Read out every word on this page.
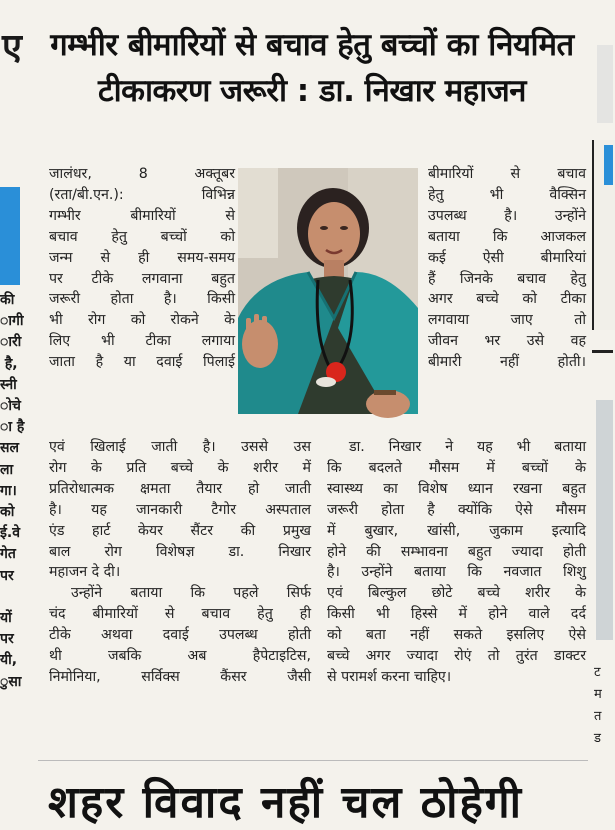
ए
की
ागी
ारी
है,
स्नी
ोचे
ा है
सल
ला
गा।
को
ई.वे
गेत
पर

यों
पर
यी,
ुसा
ट
म
त
ड
गम्भीर बीमारियों से बचाव हेतु बच्चों का नियमित
टीकाकरण जरूरी : डा. निखार महाजन
जालंधर, 8 अक्तूबर
(रता/बी.एन.): विभिन्न
गम्भीर बीमारियों से
बचाव हेतु बच्चों को
जन्म से ही समय-समय
पर टीके लगवाना बहुत
जरूरी होता है। किसी
भी रोग को रोकने के
लिए भी टीका लगाया
जाता है या दवाई पिलाई
बीमारियों से बचाव
हेतु भी वैक्सिन
उपलब्ध है। उन्होंने
बताया कि आजकल
कई ऐसी बीमारियां
हैं जिनके बचाव हेतु
अगर बच्चे को टीका
लगवाया जाए तो
जीवन भर उसे वह
बीमारी नहीं होती।
एवं खिलाई जाती है। उससे उस
रोग के प्रति बच्चे के शरीर में
प्रतिरोधात्मक क्षमता तैयार हो जाती
है। यह जानकारी टैगोर अस्पताल
एंड हार्ट केयर सैंटर की प्रमुख
बाल रोग विशेषज्ञ डा. निखार
महाजन दे दी।
उन्होंने बताया कि पहले सिर्फ
चंद बीमारियों से बचाव हेतु ही
टीके अथवा दवाई उपलब्ध होती
थी जबकि अब हैपेटाइटिस,
निमोनिया, सर्विक्स कैंसर जैसी
डा. निखार ने यह भी बताया
कि बदलते मौसम में बच्चों के
स्वास्थ्य का विशेष ध्यान रखना बहुत
जरूरी होता है क्योंकि ऐसे मौसम
में बुखार, खांसी, जुकाम इत्यादि
होने की सम्भावना बहुत ज्यादा होती
है। उन्होंने बताया कि नवजात शिशु
एवं बिल्कुल छोटे बच्चे शरीर के
किसी भी हिस्से में होने वाले दर्द
को बता नहीं सकते इसलिए ऐसे
बच्चे अगर ज्यादा रोएं तो तुरंत डाक्टर
से परामर्श करना चाहिए।
शहर विवाद नहीं चल ठोहेगी
